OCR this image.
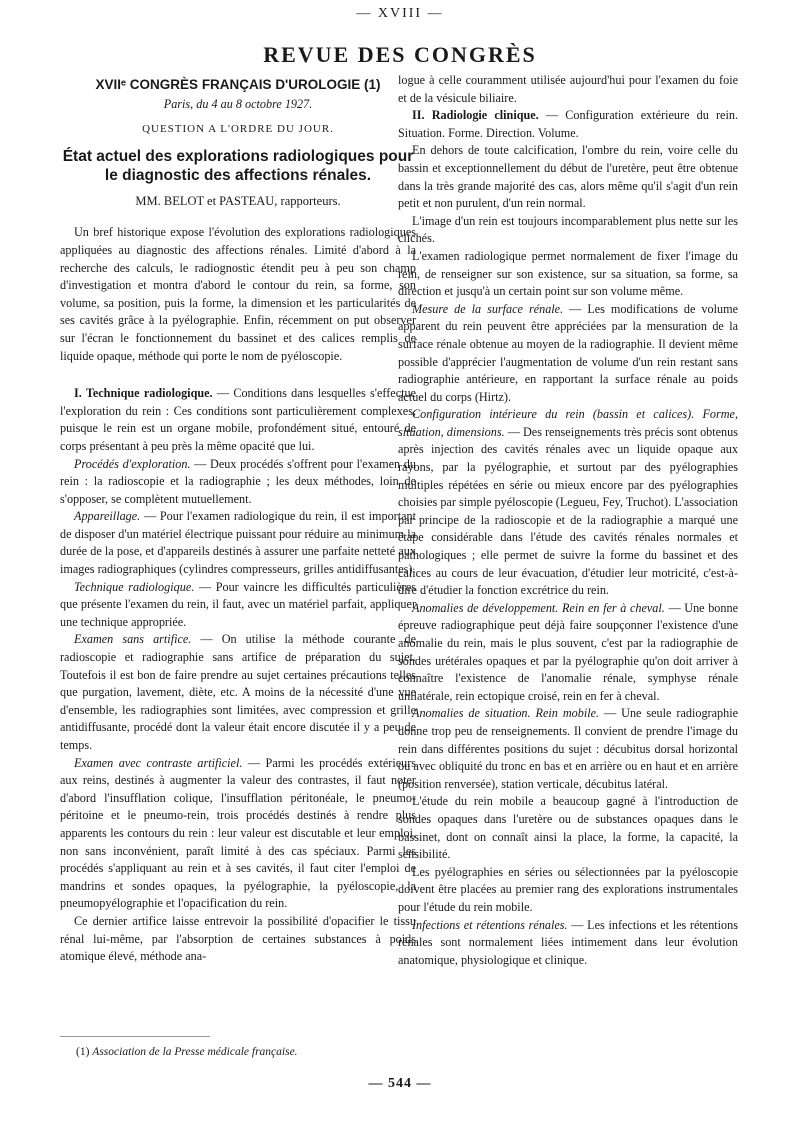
— XVIII —
REVUE DES CONGRÈS
XVIIᵉ CONGRÈS FRANÇAIS D'UROLOGIE (1)
Paris, du 4 au 8 octobre 1927.
QUESTION A L'ORDRE DU JOUR.
État actuel des explorations radiologiques pour le diagnostic des affections rénales.
MM. BELOT et PASTEAU, rapporteurs.

Un bref historique expose l'évolution des explorations radiologiques appliquées au diagnostic des affections rénales. Limité d'abord à la recherche des calculs, le radiognostic étendit peu à peu son champ d'investigation et montra d'abord le contour du rein, sa forme, son volume, sa position, puis la forme, la dimension et les particularités de ses cavités grâce à la pyélographie. Enfin, récemment on put observer sur l'écran le fonctionnement du bassinet et des calices remplis de liquide opaque, méthode qui porte le nom de pyéloscopie.

I. Technique radiologique. — Conditions dans lesquelles s'effectue l'exploration du rein : Ces conditions sont particulièrement complexes, puisque le rein est un organe mobile, profondément situé, entouré de corps présentant à peu près la même opacité que lui.

Procédés d'exploration. — Deux procédés s'offrent pour l'examen du rein : la radioscopie et la radiographie ; les deux méthodes, loin de s'opposer, se complètent mutuellement.

Appareillage. — Pour l'examen radiologique du rein, il est important de disposer d'un matériel électrique puissant pour réduire au minimum la durée de la pose, et d'appareils destinés à assurer une parfaite netteté aux images radiographiques (cylindres compresseurs, grilles antidiffusantes).

Technique radiologique. — Pour vaincre les difficultés particulières que présente l'examen du rein, il faut, avec un matériel parfait, appliquer une technique appropriée.

Examen sans artifice. — On utilise la méthode courante de radioscopie et radiographie sans artifice de préparation du sujet. Toutefois il est bon de faire prendre au sujet certaines précautions telles que purgation, lavement, diète, etc. A moins de la nécessité d'une vue d'ensemble, les radiographies sont limitées, avec compression et grille antidiffusante, procédé dont la valeur était encore discutée il y a peu de temps.

Examen avec contraste artificiel. — Parmi les procédés extérieurs aux reins, destinés à augmenter la valeur des contrastes, il faut noter d'abord l'insufflation colique, l'insufflation péritonéale, le pneumo-péritoine et le pneumo-rein, trois procédés destinés à rendre plus apparents les contours du rein : leur valeur est discutable et leur emploi, non sans inconvénient, paraît limité à des cas spéciaux. Parmi les procédés s'appliquant au rein et à ses cavités, il faut citer l'emploi de mandrins et sondes opaques, la pyélographie, la pyéloscopie, la pneumopyélographie et l'opacification du rein.

Ce dernier artifice laisse entrevoir la possibilité d'opacifier le tissu rénal lui-même, par l'absorption de certaines substances à poids atomique élevé, méthode ana-

logue à celle couramment utilisée aujourd'hui pour l'examen du foie et de la vésicule biliaire.

II. Radiologie clinique. — Configuration extérieure du rein. Situation. Forme. Direction. Volume.

En dehors de toute calcification, l'ombre du rein, voire celle du bassin et exceptionnellement du début de l'uretère, peut être obtenue dans la très grande majorité des cas, alors même qu'il s'agit d'un rein petit et non purulent, d'un rein normal.

L'image d'un rein est toujours incomparablement plus nette sur les clichés.

L'examen radiologique permet normalement de fixer l'image du rein, de renseigner sur son existence, sur sa situation, sa forme, sa direction et jusqu'à un certain point sur son volume même.

Mesure de la surface rénale. — Les modifications de volume apparent du rein peuvent être appréciées par la mensuration de la surface rénale obtenue au moyen de la radiographie. Il devient même possible d'apprécier l'augmentation de volume d'un rein restant sans radiographie antérieure, en rapportant la surface rénale au poids actuel du corps (Hirtz).

Configuration intérieure du rein (bassin et calices). Forme, situation, dimensions. — Des renseignements très précis sont obtenus après injection des cavités rénales avec un liquide opaque aux rayons, par la pyélographie, et surtout par des pyélographies multiples répétées en série ou mieux encore par des pyélographies choisies par simple pyéloscopie (Legueu, Fey, Truchot). L'association par principe de la radioscopie et de la radiographie a marqué une étape considérable dans l'étude des cavités rénales normales et pathologiques ; elle permet de suivre la forme du bassinet et des calices au cours de leur évacuation, d'étudier leur motricité, c'est-à-dire d'étudier la fonction excrétrice du rein.

Anomalies de développement. Rein en fer à cheval. — Une bonne épreuve radiographique peut déjà faire soupçonner l'existence d'une anomalie du rein, mais le plus souvent, c'est par la radiographie de sondes urétérales opaques et par la pyélographie qu'on doit arriver à connaître l'existence de l'anomalie rénale, symphyse rénale unilatérale, rein ectopique croisé, rein en fer à cheval.

Anomalies de situation. Rein mobile. — Une seule radiographie donne trop peu de renseignements. Il convient de prendre l'image du rein dans différentes positions du sujet : décubitus dorsal horizontal ou avec obliquité du tronc en bas et en arrière ou en haut et en arrière (position renversée), station verticale, décubitus latéral.

L'étude du rein mobile a beaucoup gagné à l'introduction de sondes opaques dans l'uretère ou de substances opaques dans le bassinet, dont on connaît ainsi la place, la forme, la capacité, la sensibilité.

Les pyélographies en séries ou sélectionnées par la pyéloscopie doivent être placées au premier rang des explorations instrumentales pour l'étude du rein mobile.

Infections et rétentions rénales. — Les infections et les rétentions rénales sont normalement liées intimement dans leur évolution anatomique, physiologique et clinique.

(1) Association de la Presse médicale française.
— 544 —
